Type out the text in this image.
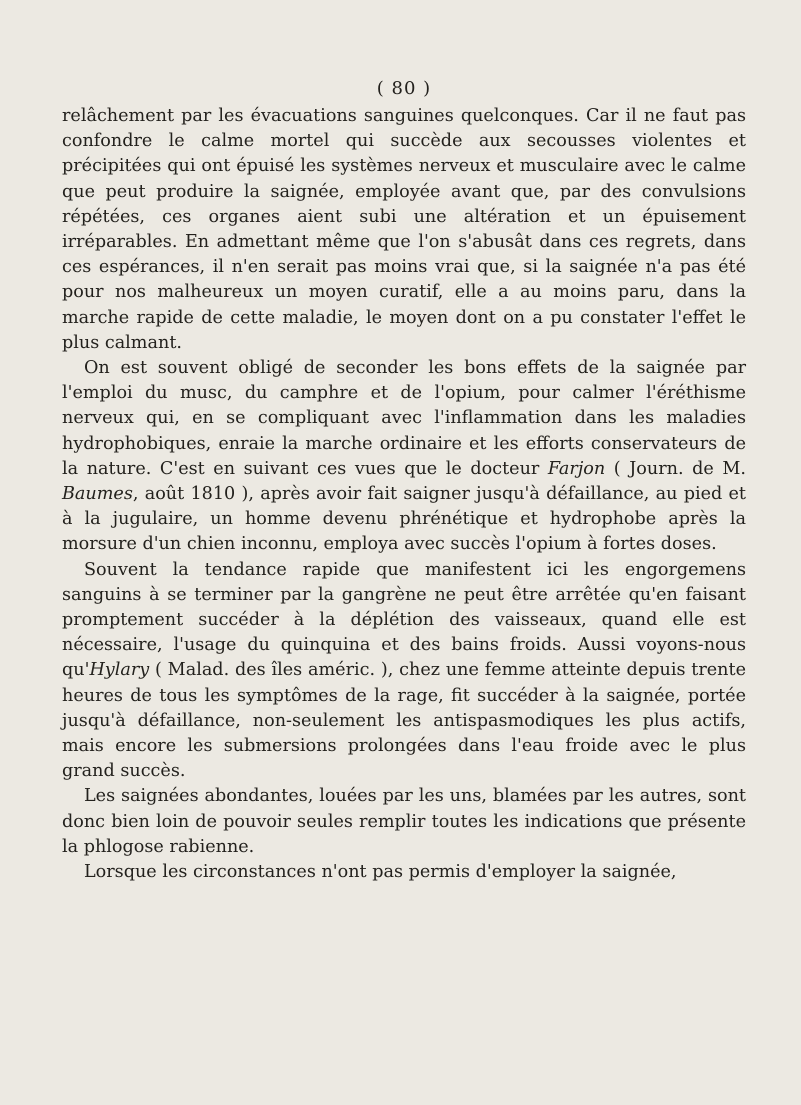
( 80 )

relâchement par les évacuations sanguines quelconques. Car il ne faut pas confondre le calme mortel qui succède aux secousses violentes et précipitées qui ont épuisé les systèmes nerveux et musculaire avec le calme que peut produire la saignée, employée avant que, par des convulsions répétées, ces organes aient subi une altération et un épuisement irréparables. En admettant même que l'on s'abusât dans ces regrets, dans ces espérances, il n'en serait pas moins vrai que, si la saignée n'a pas été pour nos malheureux un moyen curatif, elle a au moins paru, dans la marche rapide de cette maladie, le moyen dont on a pu constater l'effet le plus calmant.

On est souvent obligé de seconder les bons effets de la saignée par l'emploi du musc, du camphre et de l'opium, pour calmer l'éréthisme nerveux qui, en se compliquant avec l'inflammation dans les maladies hydrophobiques, enraie la marche ordinaire et les efforts conservateurs de la nature. C'est en suivant ces vues que le docteur Farjon ( Journ. de M. Baumes, août 1810 ), après avoir fait saigner jusqu'à défaillance, au pied et à la jugulaire, un homme devenu phrénétique et hydrophobe après la morsure d'un chien inconnu, employa avec succès l'opium à fortes doses.

Souvent la tendance rapide que manifestent ici les engorgemens sanguins à se terminer par la gangrène ne peut être arrêtée qu'en faisant promptement succéder à la déplétion des vaisseaux, quand elle est nécessaire, l'usage du quinquina et des bains froids. Aussi voyons-nous qu'Hylary ( Malad. des îles améric. ), chez une femme atteinte depuis trente heures de tous les symptômes de la rage, fit succéder à la saignée, portée jusqu'à défaillance, non-seulement les antispasmodiques les plus actifs, mais encore les submersions prolongées dans l'eau froide avec le plus grand succès.

Les saignées abondantes, louées par les uns, blamées par les autres, sont donc bien loin de pouvoir seules remplir toutes les indications que présente la phlogose rabienne.

Lorsque les circonstances n'ont pas permis d'employer la saignée,
